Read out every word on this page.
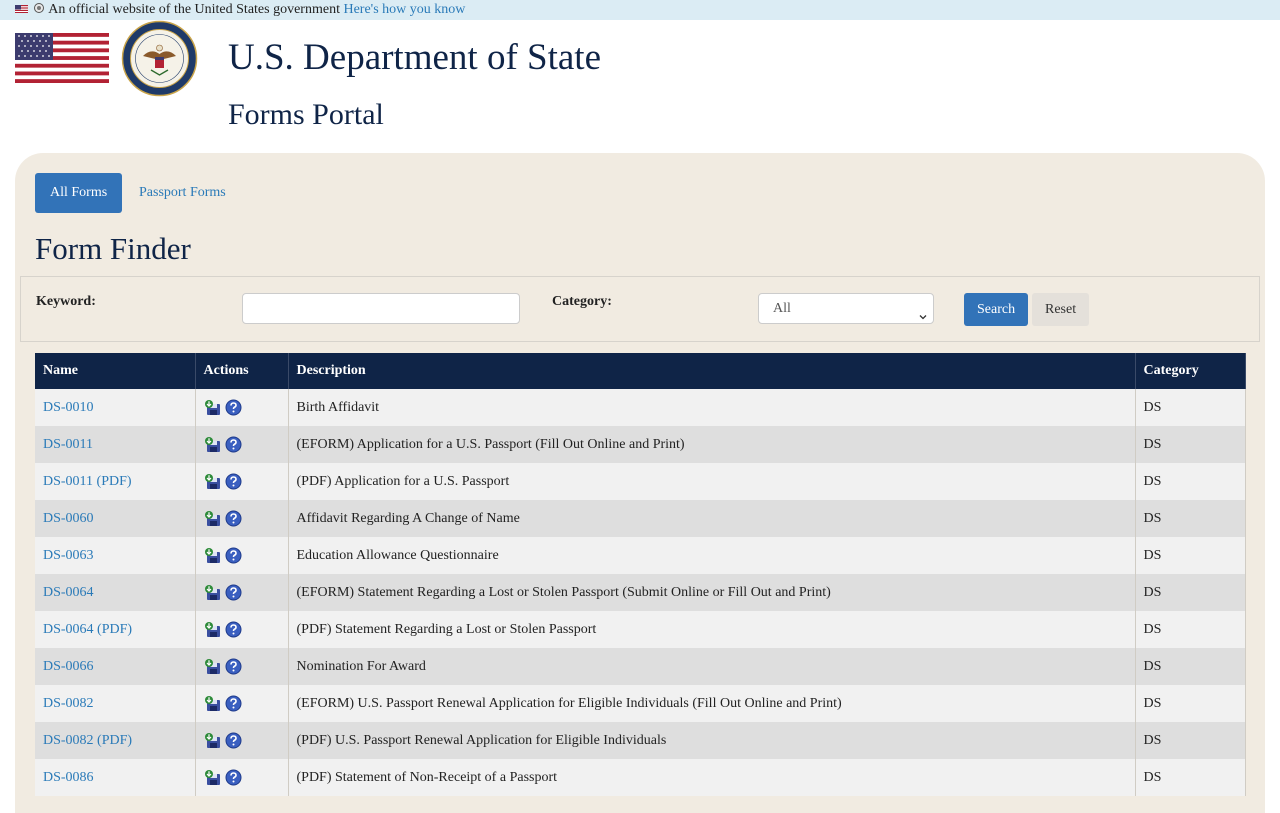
An official website of the United States government Here's how you know
U.S. Department of State
Forms Portal
All Forms	Passport Forms
Form Finder
Keyword:	Category:	All	Search	Reset
Name	Actions	Description	Category
DS-0010		Birth Affidavit	DS
DS-0011		(EFORM) Application for a U.S. Passport (Fill Out Online and Print)	DS
DS-0011 (PDF)		(PDF) Application for a U.S. Passport	DS
DS-0060		Affidavit Regarding A Change of Name	DS
DS-0063		Education Allowance Questionnaire	DS
DS-0064		(EFORM) Statement Regarding a Lost or Stolen Passport (Submit Online or Fill Out and Print)	DS
DS-0064 (PDF)		(PDF) Statement Regarding a Lost or Stolen Passport	DS
DS-0066		Nomination For Award	DS
DS-0082		(EFORM) U.S. Passport Renewal Application for Eligible Individuals (Fill Out Online and Print)	DS
DS-0082 (PDF)		(PDF) U.S. Passport Renewal Application for Eligible Individuals	DS
DS-0086		(PDF) Statement of Non-Receipt of a Passport	DS
